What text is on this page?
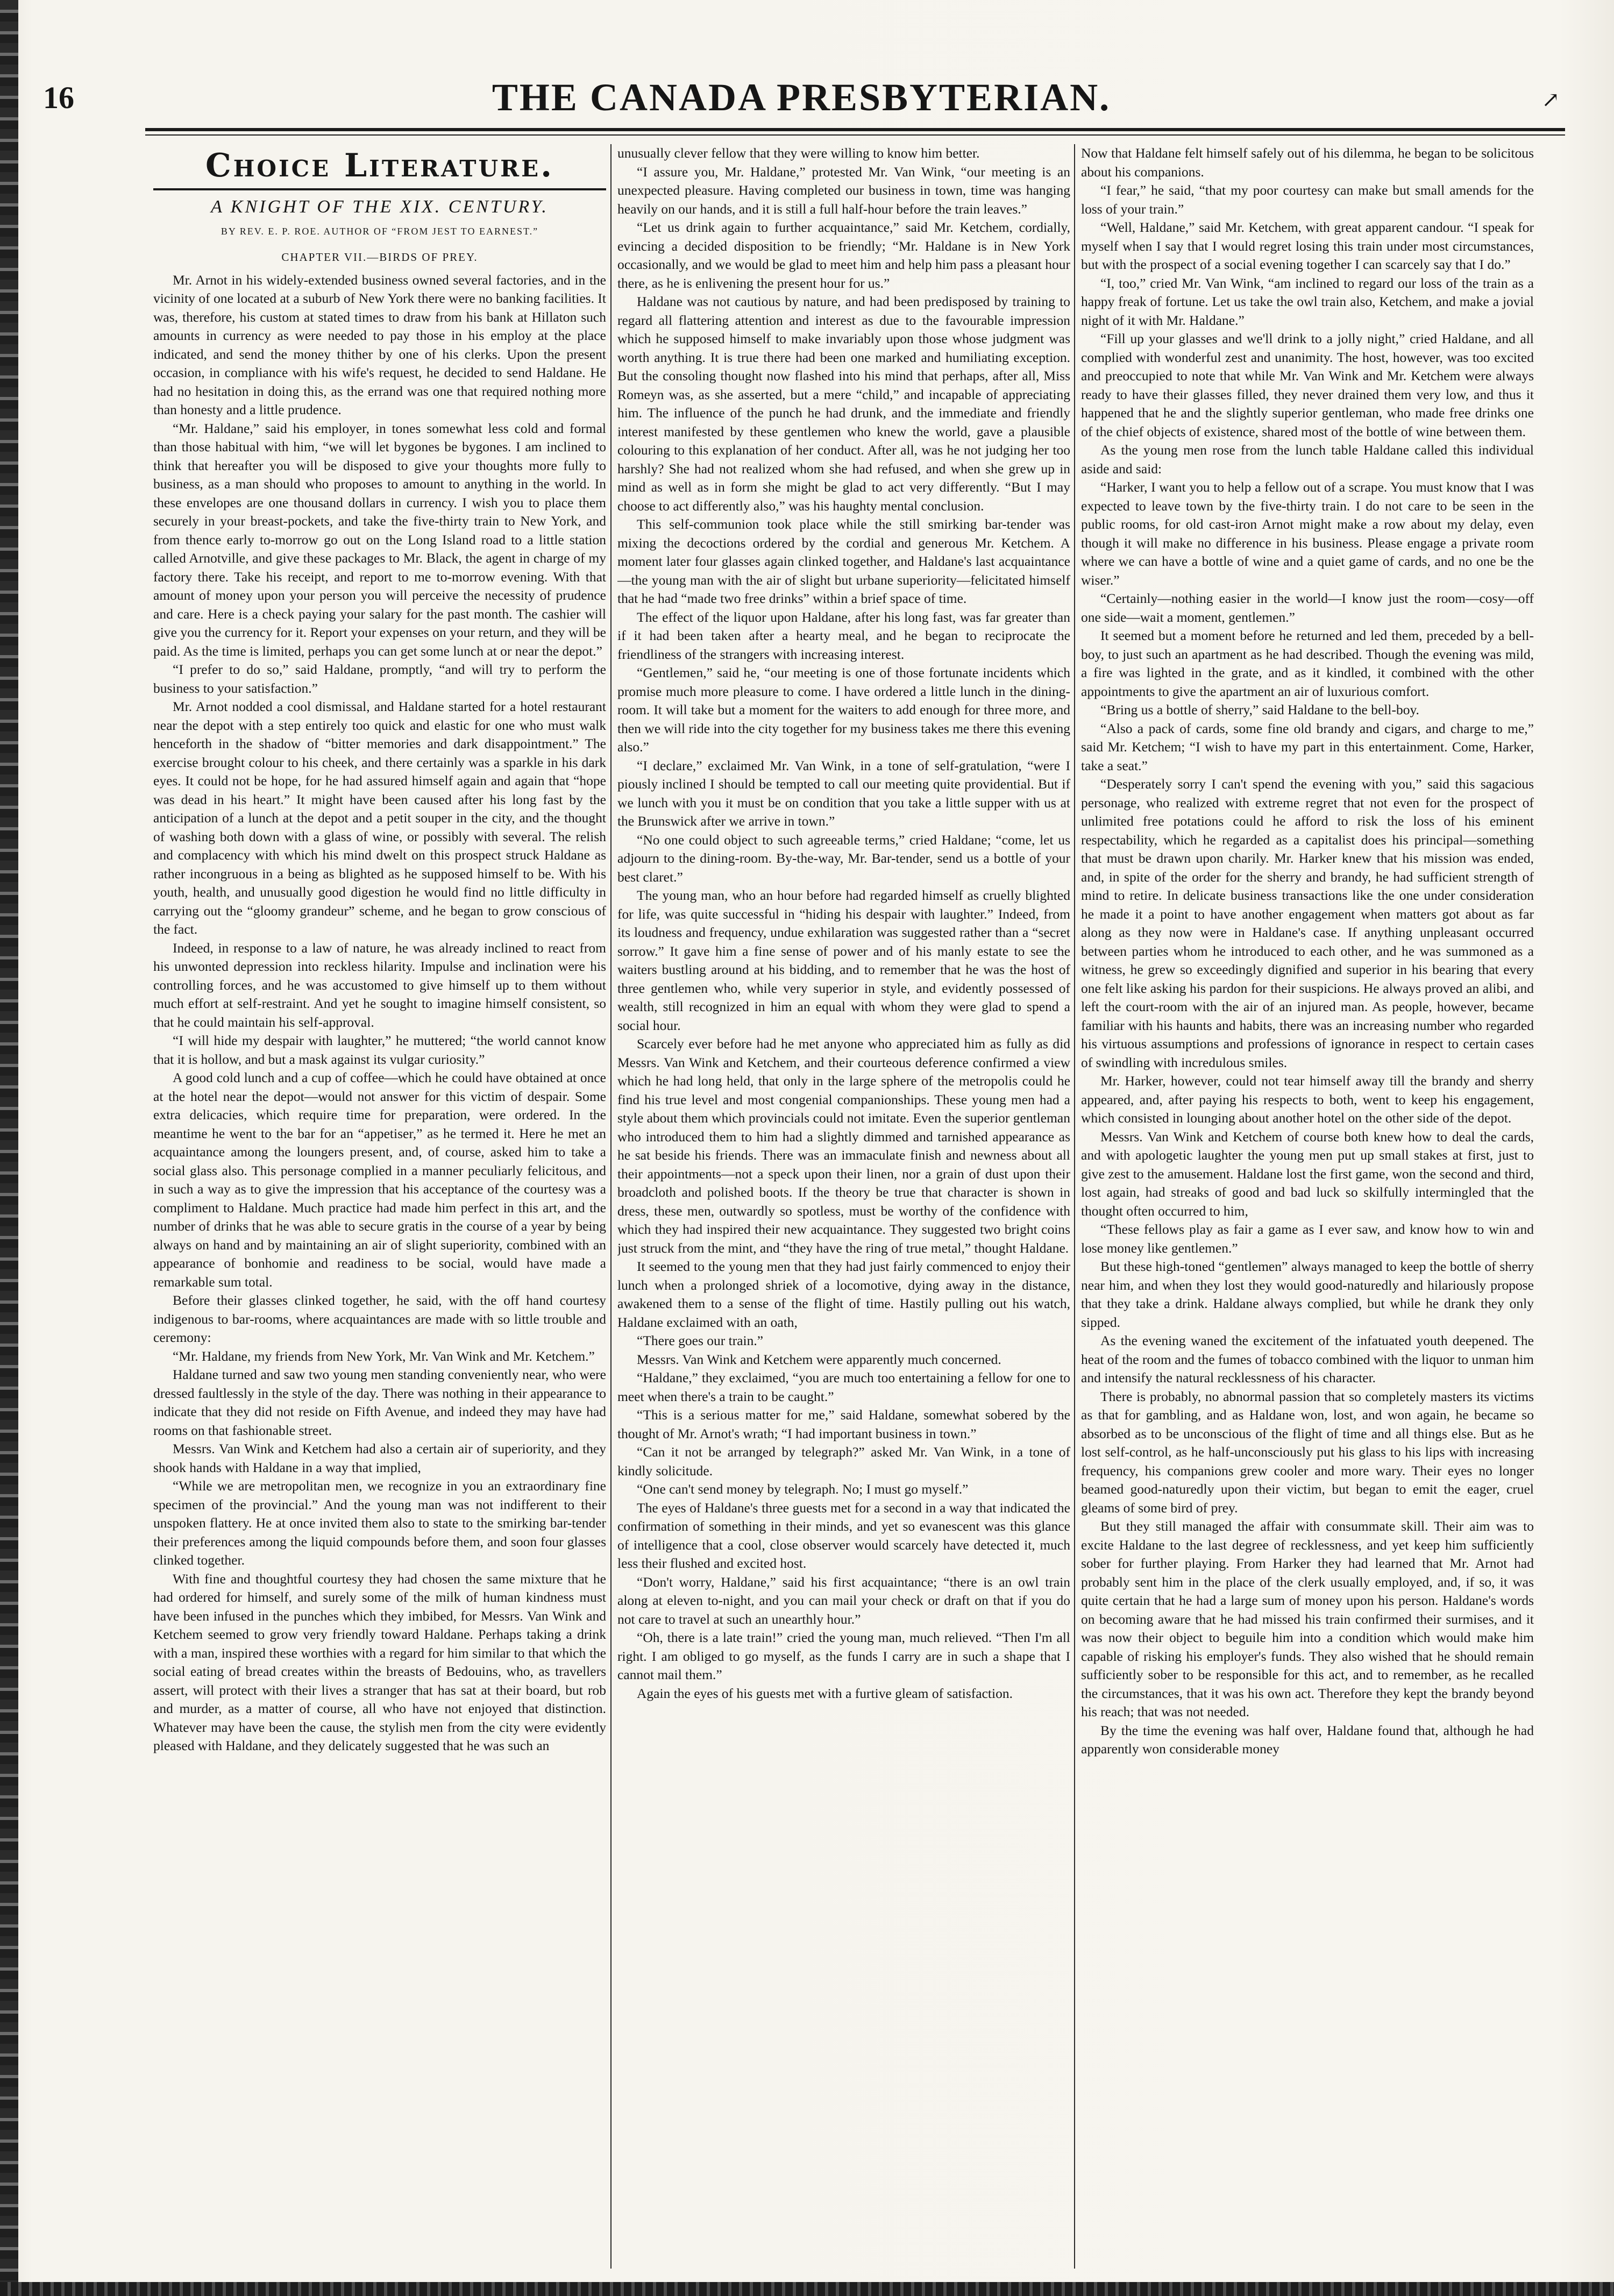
16	THE CANADA PRESBYTERIAN.	↗
Choice Literature.
A KNIGHT OF THE XIX. CENTURY.
BY REV. E. P. ROE. AUTHOR OF “FROM JEST TO EARNEST.”
CHAPTER VII.—BIRDS OF PREY.

Mr. Arnot in his widely-extended business owned several factories, and in the vicinity of one located at a suburb of New York there were no banking facilities. It was, therefore, his custom at stated times to draw from his bank at Hillaton such amounts in currency as were needed to pay those in his employ at the place indicated, and send the money thither by one of his clerks. Upon the present occasion, in compliance with his wife's request, he decided to send Haldane. He had no hesitation in doing this, as the errand was one that required nothing more than honesty and a little prudence.

“Mr. Haldane,” said his employer, in tones somewhat less cold and formal than those habitual with him, “we will let bygones be bygones. I am inclined to think that hereafter you will be disposed to give your thoughts more fully to business, as a man should who proposes to amount to anything in the world. In these envelopes are one thousand dollars in currency. I wish you to place them securely in your breast-pockets, and take the five-thirty train to New York, and from thence early to-morrow go out on the Long Island road to a little station called Arnotville, and give these packages to Mr. Black, the agent in charge of my factory there. Take his receipt, and report to me to-morrow evening. With that amount of money upon your person you will perceive the necessity of prudence and care. Here is a check paying your salary for the past month. The cashier will give you the currency for it. Report your expenses on your return, and they will be paid. As the time is limited, perhaps you can get some lunch at or near the depot.”

“I prefer to do so,” said Haldane, promptly, “and will try to perform the business to your satisfaction.”

Mr. Arnot nodded a cool dismissal, and Haldane started for a hotel restaurant near the depot with a step entirely too quick and elastic for one who must walk henceforth in the shadow of “bitter memories and dark disappointment.” The exercise brought colour to his cheek, and there certainly was a sparkle in his dark eyes. It could not be hope, for he had assured himself again and again that “hope was dead in his heart.” It might have been caused after his long fast by the anticipation of a lunch at the depot and a petit souper in the city, and the thought of washing both down with a glass of wine, or possibly with several. The relish and complacency with which his mind dwelt on this prospect struck Haldane as rather incongruous in a being as blighted as he supposed himself to be. With his youth, health, and unusually good digestion he would find no little difficulty in carrying out the “gloomy grandeur” scheme, and he began to grow conscious of the fact.

Indeed, in response to a law of nature, he was already inclined to react from his unwonted depression into reckless hilarity. Impulse and inclination were his controlling forces, and he was accustomed to give himself up to them without much effort at self-restraint. And yet he sought to imagine himself consistent, so that he could maintain his self-approval.

“I will hide my despair with laughter,” he muttered; “the world cannot know that it is hollow, and but a mask against its vulgar curiosity.”

A good cold lunch and a cup of coffee—which he could have obtained at once at the hotel near the depot—would not answer for this victim of despair. Some extra delicacies, which require time for preparation, were ordered. In the meantime he went to the bar for an “appetiser,” as he termed it. Here he met an acquaintance among the loungers present, and, of course, asked him to take a social glass also. This personage complied in a manner peculiarly felicitous, and in such a way as to give the impression that his acceptance of the courtesy was a compliment to Haldane. Much practice had made him perfect in this art, and the number of drinks that he was able to secure gratis in the course of a year by being always on hand and by maintaining an air of slight superiority, combined with an appearance of bonhomie and readiness to be social, would have made a remarkable sum total.

Before their glasses clinked together, he said, with the off hand courtesy indigenous to bar-rooms, where acquaintances are made with so little trouble and ceremony:

“Mr. Haldane, my friends from New York, Mr. Van Wink and Mr. Ketchem.”

Haldane turned and saw two young men standing conveniently near, who were dressed faultlessly in the style of the day. There was nothing in their appearance to indicate that they did not reside on Fifth Avenue, and indeed they may have had rooms on that fashionable street.

Messrs. Van Wink and Ketchem had also a certain air of superiority, and they shook hands with Haldane in a way that implied,

“While we are metropolitan men, we recognize in you an extraordinary fine specimen of the provincial.” And the young man was not indifferent to their unspoken flattery. He at once invited them also to state to the smirking bar-tender their preferences among the liquid compounds before them, and soon four glasses clinked together.

With fine and thoughtful courtesy they had chosen the same mixture that he had ordered for himself, and surely some of the milk of human kindness must have been infused in the punches which they imbibed, for Messrs. Van Wink and Ketchem seemed to grow very friendly toward Haldane. Perhaps taking a drink with a man, inspired these worthies with a regard for him similar to that which the social eating of bread creates within the breasts of Bedouins, who, as travellers assert, will protect with their lives a stranger that has sat at their board, but rob and murder, as a matter of course, all who have not enjoyed that distinction. Whatever may have been the cause, the stylish men from the city were evidently pleased with Haldane, and they delicately suggested that he was such an

unusually clever fellow that they were willing to know him better.

“I assure you, Mr. Haldane,” protested Mr. Van Wink, “our meeting is an unexpected pleasure. Having completed our business in town, time was hanging heavily on our hands, and it is still a full half-hour before the train leaves.”

“Let us drink again to further acquaintance,” said Mr. Ketchem, cordially, evincing a decided disposition to be friendly; “Mr. Haldane is in New York occasionally, and we would be glad to meet him and help him pass a pleasant hour there, as he is enlivening the present hour for us.”

Haldane was not cautious by nature, and had been predisposed by training to regard all flattering attention and interest as due to the favourable impression which he supposed himself to make invariably upon those whose judgment was worth anything. It is true there had been one marked and humiliating exception. But the consoling thought now flashed into his mind that perhaps, after all, Miss Romeyn was, as she asserted, but a mere “child,” and incapable of appreciating him. The influence of the punch he had drunk, and the immediate and friendly interest manifested by these gentlemen who knew the world, gave a plausible colouring to this explanation of her conduct. After all, was he not judging her too harshly? She had not realized whom she had refused, and when she grew up in mind as well as in form she might be glad to act very differently. “But I may choose to act differently also,” was his haughty mental conclusion.

This self-communion took place while the still smirking bar-tender was mixing the decoctions ordered by the cordial and generous Mr. Ketchem. A moment later four glasses again clinked together, and Haldane's last acquaintance—the young man with the air of slight but urbane superiority—felicitated himself that he had “made two free drinks” within a brief space of time.

The effect of the liquor upon Haldane, after his long fast, was far greater than if it had been taken after a hearty meal, and he began to reciprocate the friendliness of the strangers with increasing interest.

“Gentlemen,” said he, “our meeting is one of those fortunate incidents which promise much more pleasure to come. I have ordered a little lunch in the dining-room. It will take but a moment for the waiters to add enough for three more, and then we will ride into the city together for my business takes me there this evening also.”

“I declare,” exclaimed Mr. Van Wink, in a tone of self-gratulation, “were I piously inclined I should be tempted to call our meeting quite providential. But if we lunch with you it must be on condition that you take a little supper with us at the Brunswick after we arrive in town.”

“No one could object to such agreeable terms,” cried Haldane; “come, let us adjourn to the dining-room. By-the-way, Mr. Bar-tender, send us a bottle of your best claret.”

The young man, who an hour before had regarded himself as cruelly blighted for life, was quite successful in “hiding his despair with laughter.” Indeed, from its loudness and frequency, undue exhilaration was suggested rather than a “secret sorrow.” It gave him a fine sense of power and of his manly estate to see the waiters bustling around at his bidding, and to remember that he was the host of three gentlemen who, while very superior in style, and evidently possessed of wealth, still recognized in him an equal with whom they were glad to spend a social hour.

Scarcely ever before had he met anyone who appreciated him as fully as did Messrs. Van Wink and Ketchem, and their courteous deference confirmed a view which he had long held, that only in the large sphere of the metropolis could he find his true level and most congenial companionships. These young men had a style about them which provincials could not imitate. Even the superior gentleman who introduced them to him had a slightly dimmed and tarnished appearance as he sat beside his friends. There was an immaculate finish and newness about all their appointments—not a speck upon their linen, nor a grain of dust upon their broadcloth and polished boots. If the theory be true that character is shown in dress, these men, outwardly so spotless, must be worthy of the confidence with which they had inspired their new acquaintance. They suggested two bright coins just struck from the mint, and “they have the ring of true metal,” thought Haldane.

It seemed to the young men that they had just fairly commenced to enjoy their lunch when a prolonged shriek of a locomotive, dying away in the distance, awakened them to a sense of the flight of time. Hastily pulling out his watch, Haldane exclaimed with an oath,

“There goes our train.”

Messrs. Van Wink and Ketchem were apparently much concerned.

“Haldane,” they exclaimed, “you are much too entertaining a fellow for one to meet when there's a train to be caught.”

“This is a serious matter for me,” said Haldane, somewhat sobered by the thought of Mr. Arnot's wrath; “I had important business in town.”

“Can it not be arranged by telegraph?” asked Mr. Van Wink, in a tone of kindly solicitude.

“One can't send money by telegraph. No; I must go myself.”

The eyes of Haldane's three guests met for a second in a way that indicated the confirmation of something in their minds, and yet so evanescent was this glance of intelligence that a cool, close observer would scarcely have detected it, much less their flushed and excited host.

“Don't worry, Haldane,” said his first acquaintance; “there is an owl train along at eleven to-night, and you can mail your check or draft on that if you do not care to travel at such an unearthly hour.”

“Oh, there is a late train!” cried the young man, much relieved. “Then I'm all right. I am obliged to go myself, as the funds I carry are in such a shape that I cannot mail them.”

Again the eyes of his guests met with a furtive gleam of satisfaction.

Now that Haldane felt himself safely out of his dilemma, he began to be solicitous about his companions.

“I fear,” he said, “that my poor courtesy can make but small amends for the loss of your train.”

“Well, Haldane,” said Mr. Ketchem, with great apparent candour. “I speak for myself when I say that I would regret losing this train under most circumstances, but with the prospect of a social evening together I can scarcely say that I do.”

“I, too,” cried Mr. Van Wink, “am inclined to regard our loss of the train as a happy freak of fortune. Let us take the owl train also, Ketchem, and make a jovial night of it with Mr. Haldane.”

“Fill up your glasses and we'll drink to a jolly night,” cried Haldane, and all complied with wonderful zest and unanimity. The host, however, was too excited and preoccupied to note that while Mr. Van Wink and Mr. Ketchem were always ready to have their glasses filled, they never drained them very low, and thus it happened that he and the slightly superior gentleman, who made free drinks one of the chief objects of existence, shared most of the bottle of wine between them.

As the young men rose from the lunch table Haldane called this individual aside and said:

“Harker, I want you to help a fellow out of a scrape. You must know that I was expected to leave town by the five-thirty train. I do not care to be seen in the public rooms, for old cast-iron Arnot might make a row about my delay, even though it will make no difference in his business. Please engage a private room where we can have a bottle of wine and a quiet game of cards, and no one be the wiser.”

“Certainly—nothing easier in the world—I know just the room—cosy—off one side—wait a moment, gentlemen.”

It seemed but a moment before he returned and led them, preceded by a bell-boy, to just such an apartment as he had described. Though the evening was mild, a fire was lighted in the grate, and as it kindled, it combined with the other appointments to give the apartment an air of luxurious comfort.

“Bring us a bottle of sherry,” said Haldane to the bell-boy.

“Also a pack of cards, some fine old brandy and cigars, and charge to me,” said Mr. Ketchem; “I wish to have my part in this entertainment. Come, Harker, take a seat.”

“Desperately sorry I can't spend the evening with you,” said this sagacious personage, who realized with extreme regret that not even for the prospect of unlimited free potations could he afford to risk the loss of his eminent respectability, which he regarded as a capitalist does his principal—something that must be drawn upon charily. Mr. Harker knew that his mission was ended, and, in spite of the order for the sherry and brandy, he had sufficient strength of mind to retire. In delicate business transactions like the one under consideration he made it a point to have another engagement when matters got about as far along as they now were in Haldane's case. If anything unpleasant occurred between parties whom he introduced to each other, and he was summoned as a witness, he grew so exceedingly dignified and superior in his bearing that every one felt like asking his pardon for their suspicions. He always proved an alibi, and left the court-room with the air of an injured man. As people, however, became familiar with his haunts and habits, there was an increasing number who regarded his virtuous assumptions and professions of ignorance in respect to certain cases of swindling with incredulous smiles.

Mr. Harker, however, could not tear himself away till the brandy and sherry appeared, and, after paying his respects to both, went to keep his engagement, which consisted in lounging about another hotel on the other side of the depot.

Messrs. Van Wink and Ketchem of course both knew how to deal the cards, and with apologetic laughter the young men put up small stakes at first, just to give zest to the amusement. Haldane lost the first game, won the second and third, lost again, had streaks of good and bad luck so skilfully intermingled that the thought often occurred to him,

“These fellows play as fair a game as I ever saw, and know how to win and lose money like gentlemen.”

But these high-toned “gentlemen” always managed to keep the bottle of sherry near him, and when they lost they would good-naturedly and hilariously propose that they take a drink. Haldane always complied, but while he drank they only sipped.

As the evening waned the excitement of the infatuated youth deepened. The heat of the room and the fumes of tobacco combined with the liquor to unman him and intensify the natural recklessness of his character.

There is probably, no abnormal passion that so completely masters its victims as that for gambling, and as Haldane won, lost, and won again, he became so absorbed as to be unconscious of the flight of time and all things else. But as he lost self-control, as he half-unconsciously put his glass to his lips with increasing frequency, his companions grew cooler and more wary. Their eyes no longer beamed good-naturedly upon their victim, but began to emit the eager, cruel gleams of some bird of prey.

But they still managed the affair with consummate skill. Their aim was to excite Haldane to the last degree of recklessness, and yet keep him sufficiently sober for further playing. From Harker they had learned that Mr. Arnot had probably sent him in the place of the clerk usually employed, and, if so, it was quite certain that he had a large sum of money upon his person. Haldane's words on becoming aware that he had missed his train confirmed their surmises, and it was now their object to beguile him into a condition which would make him capable of risking his employer's funds. They also wished that he should remain sufficiently sober to be responsible for this act, and to remember, as he recalled the circumstances, that it was his own act. Therefore they kept the brandy beyond his reach; that was not needed.

By the time the evening was half over, Haldane found that, although he had apparently won considerable money
